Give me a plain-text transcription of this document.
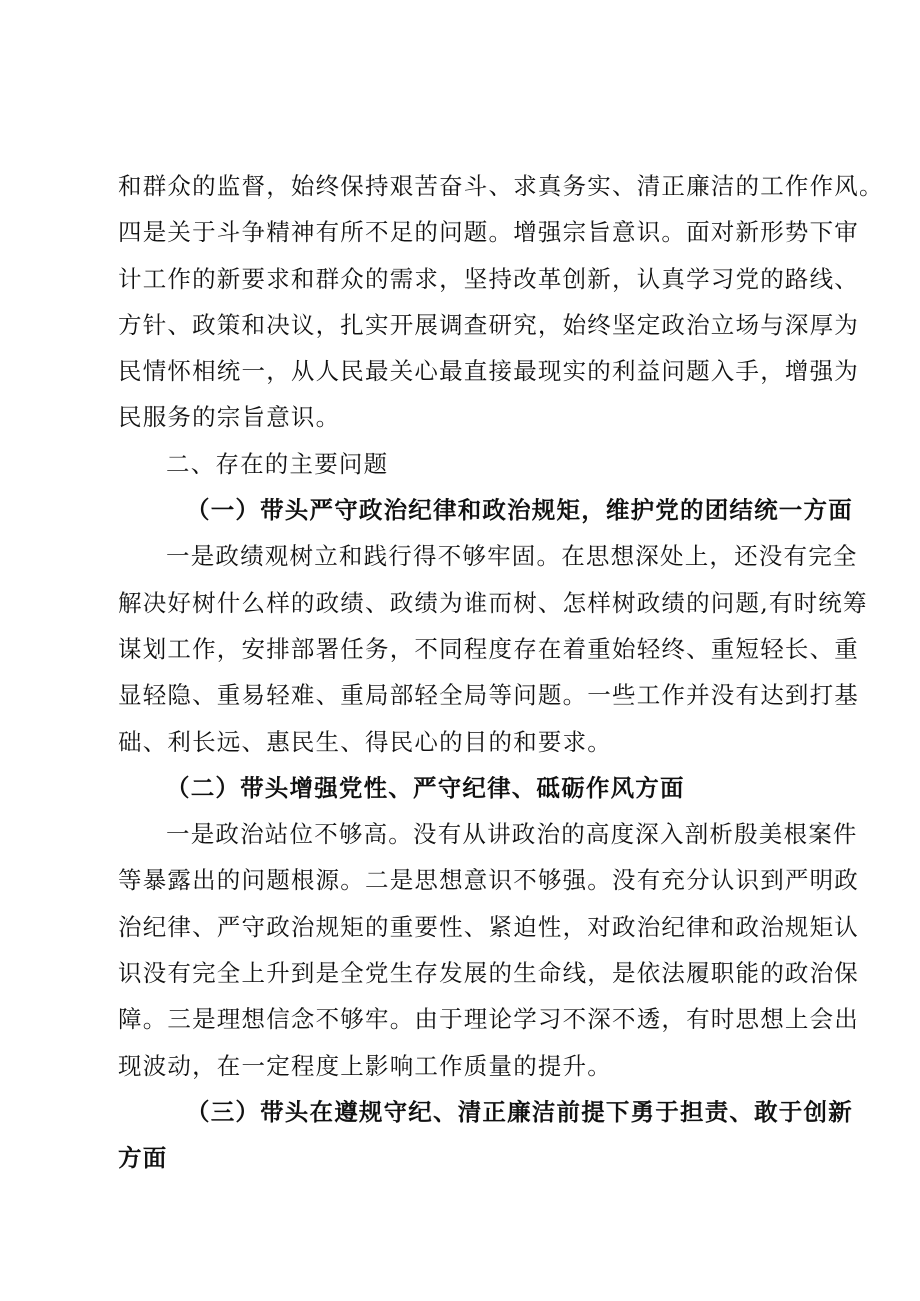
和群众的监督，始终保持艰苦奋斗、求真务实、清正廉洁的工作作风。
四是关于斗争精神有所不足的问题。增强宗旨意识。面对新形势下审
计工作的新要求和群众的需求，坚持改革创新，认真学习党的路线、
方针、政策和决议，扎实开展调查研究，始终坚定政治立场与深厚为
民情怀相统一，从人民最关心最直接最现实的利益问题入手，增强为
民服务的宗旨意识。
二、存在的主要问题
（一）带头严守政治纪律和政治规矩，维护党的团结统一方面
一是政绩观树立和践行得不够牢固。在思想深处上，还没有完全
解决好树什么样的政绩、政绩为谁而树、怎样树政绩的问题,有时统筹
谋划工作，安排部署任务，不同程度存在着重始轻终、重短轻长、重
显轻隐、重易轻难、重局部轻全局等问题。一些工作并没有达到打基
础、利长远、惠民生、得民心的目的和要求。
（二）带头增强党性、严守纪律、砥砺作风方面
一是政治站位不够高。没有从讲政治的高度深入剖析殷美根案件
等暴露出的问题根源。二是思想意识不够强。没有充分认识到严明政
治纪律、严守政治规矩的重要性、紧迫性，对政治纪律和政治规矩认
识没有完全上升到是全党生存发展的生命线，是依法履职能的政治保
障。三是理想信念不够牢。由于理论学习不深不透，有时思想上会出
现波动，在一定程度上影响工作质量的提升。
（三）带头在遵规守纪、清正廉洁前提下勇于担责、敢于创新
方面
